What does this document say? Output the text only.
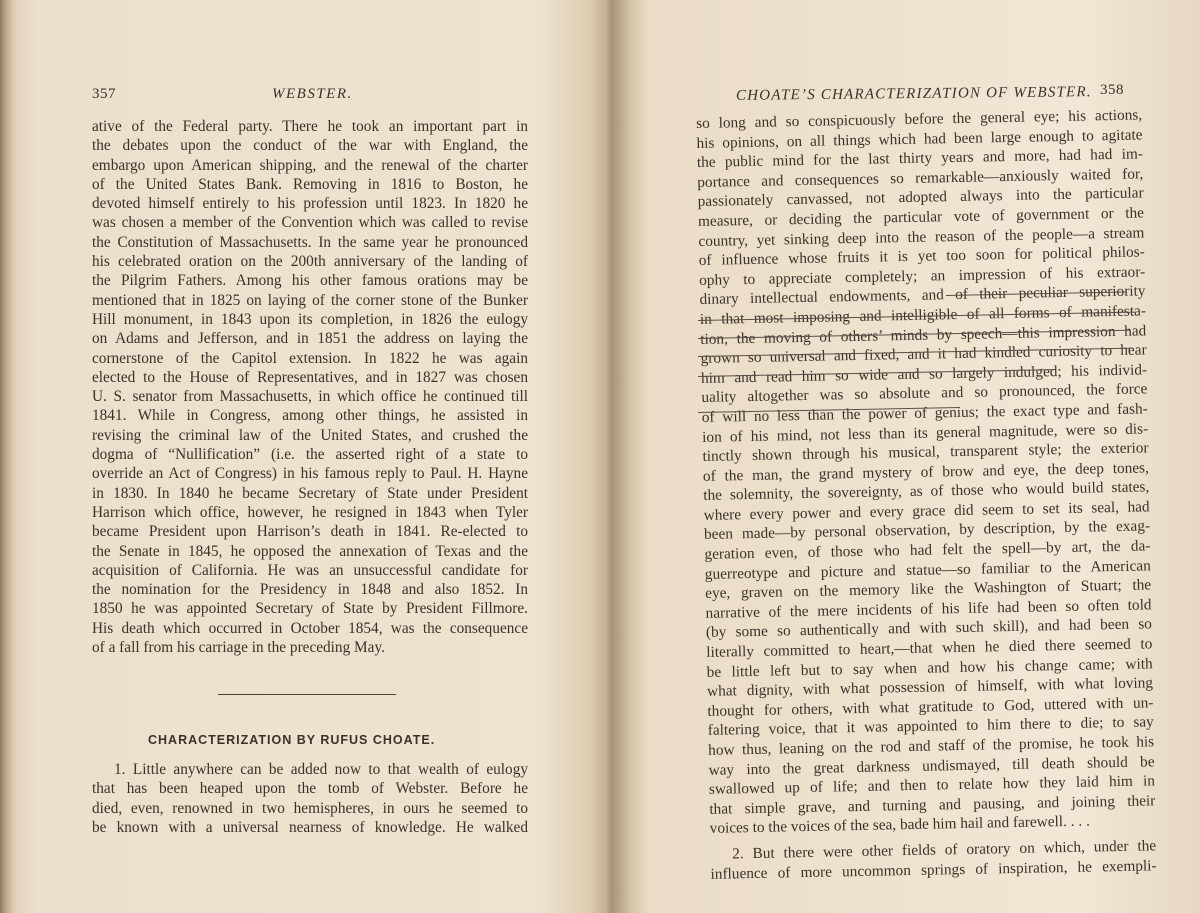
357	WEBSTER.	CHOATE’S CHARACTERIZATION OF WEBSTER. 358
ative of the Federal party. There he took an important part in
the debates upon the conduct of the war with England, the
embargo upon American shipping, and the renewal of the charter
of the United States Bank. Removing in 1816 to Boston, he
devoted himself entirely to his profession until 1823. In 1820 he
was chosen a member of the Convention which was called to revise
the Constitution of Massachusetts. In the same year he pronounced
his celebrated oration on the 200th anniversary of the landing of
the Pilgrim Fathers. Among his other famous orations may be
mentioned that in 1825 on laying of the corner stone of the Bunker
Hill monument, in 1843 upon its completion, in 1826 the eulogy
on Adams and Jefferson, and in 1851 the address on laying the
cornerstone of the Capitol extension. In 1822 he was again
elected to the House of Representatives, and in 1827 was chosen
U. S. senator from Massachusetts, in which office he continued till
1841. While in Congress, among other things, he assisted in
revising the criminal law of the United States, and crushed the
dogma of “Nullification” (i.e. the asserted right of a state to
override an Act of Congress) in his famous reply to Paul. H. Hayne
in 1830. In 1840 he became Secretary of State under President
Harrison which office, however, he resigned in 1843 when Tyler
became President upon Harrison’s death in 1841. Re-elected to
the Senate in 1845, he opposed the annexation of Texas and the
acquisition of California. He was an unsuccessful candidate for
the nomination for the Presidency in 1848 and also 1852. In
1850 he was appointed Secretary of State by President Fillmore.
His death which occurred in October 1854, was the consequence
of a fall from his carriage in the preceding May.
CHARACTERIZATION BY RUFUS CHOATE.
1. Little anywhere can be added now to that wealth of eulogy
that has been heaped upon the tomb of Webster. Before he
died, even, renowned in two hemispheres, in ours he seemed to
be known with a universal nearness of knowledge. He walked
so long and so conspicuously before the general eye; his actions,
his opinions, on all things which had been large enough to agitate
the public mind for the last thirty years and more, had had im-
portance and consequences so remarkable—anxiously waited for,
passionately canvassed, not adopted always into the particular
measure, or deciding the particular vote of government or the
country, yet sinking deep into the reason of the people—a stream
of influence whose fruits it is yet too soon for political philos-
ophy to appreciate completely; an impression of his extraor-
dinary intellectual endowments, and of their peculiar superiority
in that most imposing and intelligible of all forms of manifesta-
tion, the moving of others’ minds by speech—this impression had
grown so universal and fixed, and it had kindled curiosity to hear
him and read him so wide and so largely indulged; his individ-
uality altogether was so absolute and so pronounced, the force
of will no less than the power of genius; the exact type and fash-
ion of his mind, not less than its general magnitude, were so dis-
tinctly shown through his musical, transparent style; the exterior
of the man, the grand mystery of brow and eye, the deep tones,
the solemnity, the sovereignty, as of those who would build states,
where every power and every grace did seem to set its seal, had
been made—by personal observation, by description, by the exag-
geration even, of those who had felt the spell—by art, the da-
guerreotype and picture and statue—so familiar to the American
eye, graven on the memory like the Washington of Stuart; the
narrative of the mere incidents of his life had been so often told
(by some so authentically and with such skill), and had been so
literally committed to heart,—that when he died there seemed to
be little left but to say when and how his change came; with
what dignity, with what possession of himself, with what loving
thought for others, with what gratitude to God, uttered with un-
faltering voice, that it was appointed to him there to die; to say
how thus, leaning on the rod and staff of the promise, he took his
way into the great darkness undismayed, till death should be
swallowed up of life; and then to relate how they laid him in
that simple grave, and turning and pausing, and joining their
voices to the voices of the sea, bade him hail and farewell. . . .
2. But there were other fields of oratory on which, under the
influence of more uncommon springs of inspiration, he exempli-
